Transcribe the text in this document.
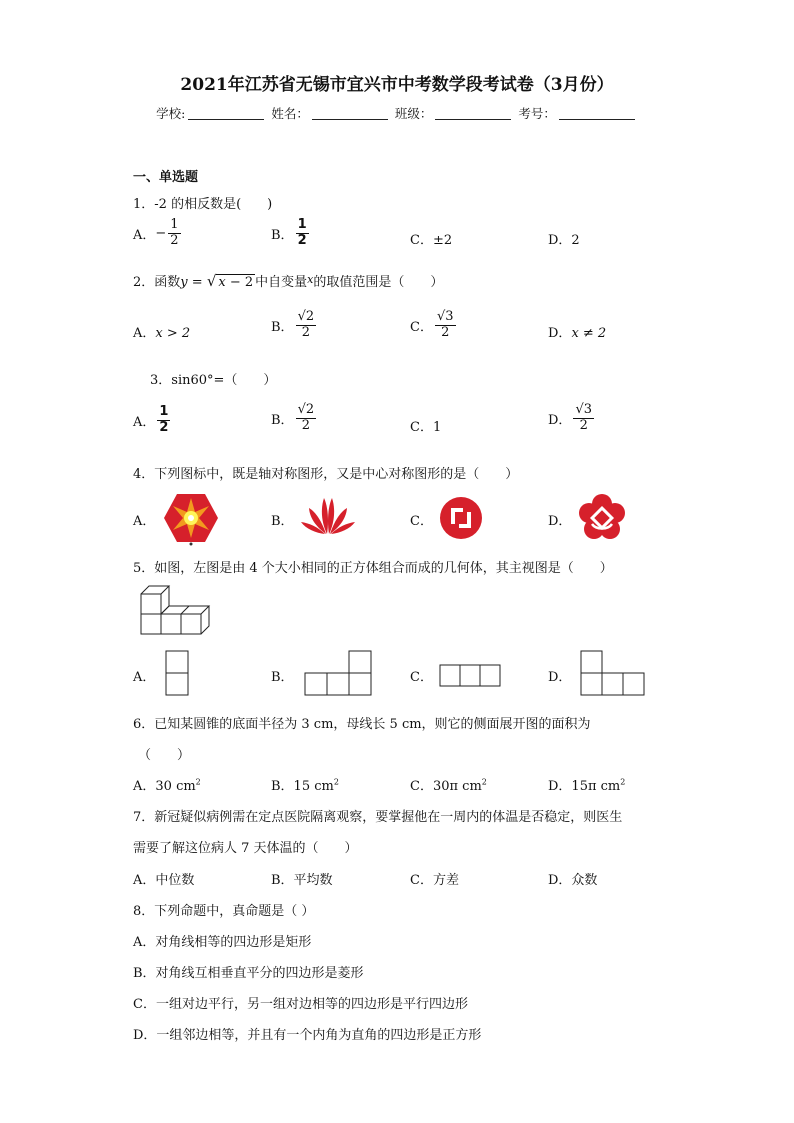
2021年江苏省无锡市宜兴市中考数学段考试卷（3月份）
学校:	姓名：	班级：	考号：
一、单选题
1．-2 的相反数是(　　)
A． − $\frac{1}{2}$	B． $\frac{1}{2}$	C．±2	D．2
2．函数y = √ x − 2 中自变量$^x$的取值范围是（　　）
A．x > 2	B． $\frac{√2}{2}$	C． $\frac{√3}{2}$	D．x ≠ 2
3．sin60°=（　　）
A． $\frac{1}{2}$	B． $\frac{√2}{2}$	C．1	D． $\frac{√3}{2}$
4．下列图标中，既是轴对称图形，又是中心对称图形的是（　　）
A．	B．	C．	D．
5．如图，左图是由 4 个大小相同的正方体组合而成的几何体，其主视图是（　　）
A．	B．	C．	D．
6．已知某圆锥的底面半径为 3 cm，母线长 5 cm，则它的侧面展开图的面积为
（　　）
A．30 $cm^2$	B．15 $cm^2$	C．30π $cm^2$	D．15π $cm^2$
7．新冠疑似病例需在定点医院隔离观察，要掌握他在一周内的体温是否稳定，则医生
需要了解这位病人 7 天体温的（　　）
A．中位数	B．平均数	C．方差	D．众数
8．下列命题中，真命题是（ ）
A．对角线相等的四边形是矩形
B．对角线互相垂直平分的四边形是菱形
C．一组对边平行，另一组对边相等的四边形是平行四边形
D．一组邻边相等，并且有一个内角为直角的四边形是正方形
